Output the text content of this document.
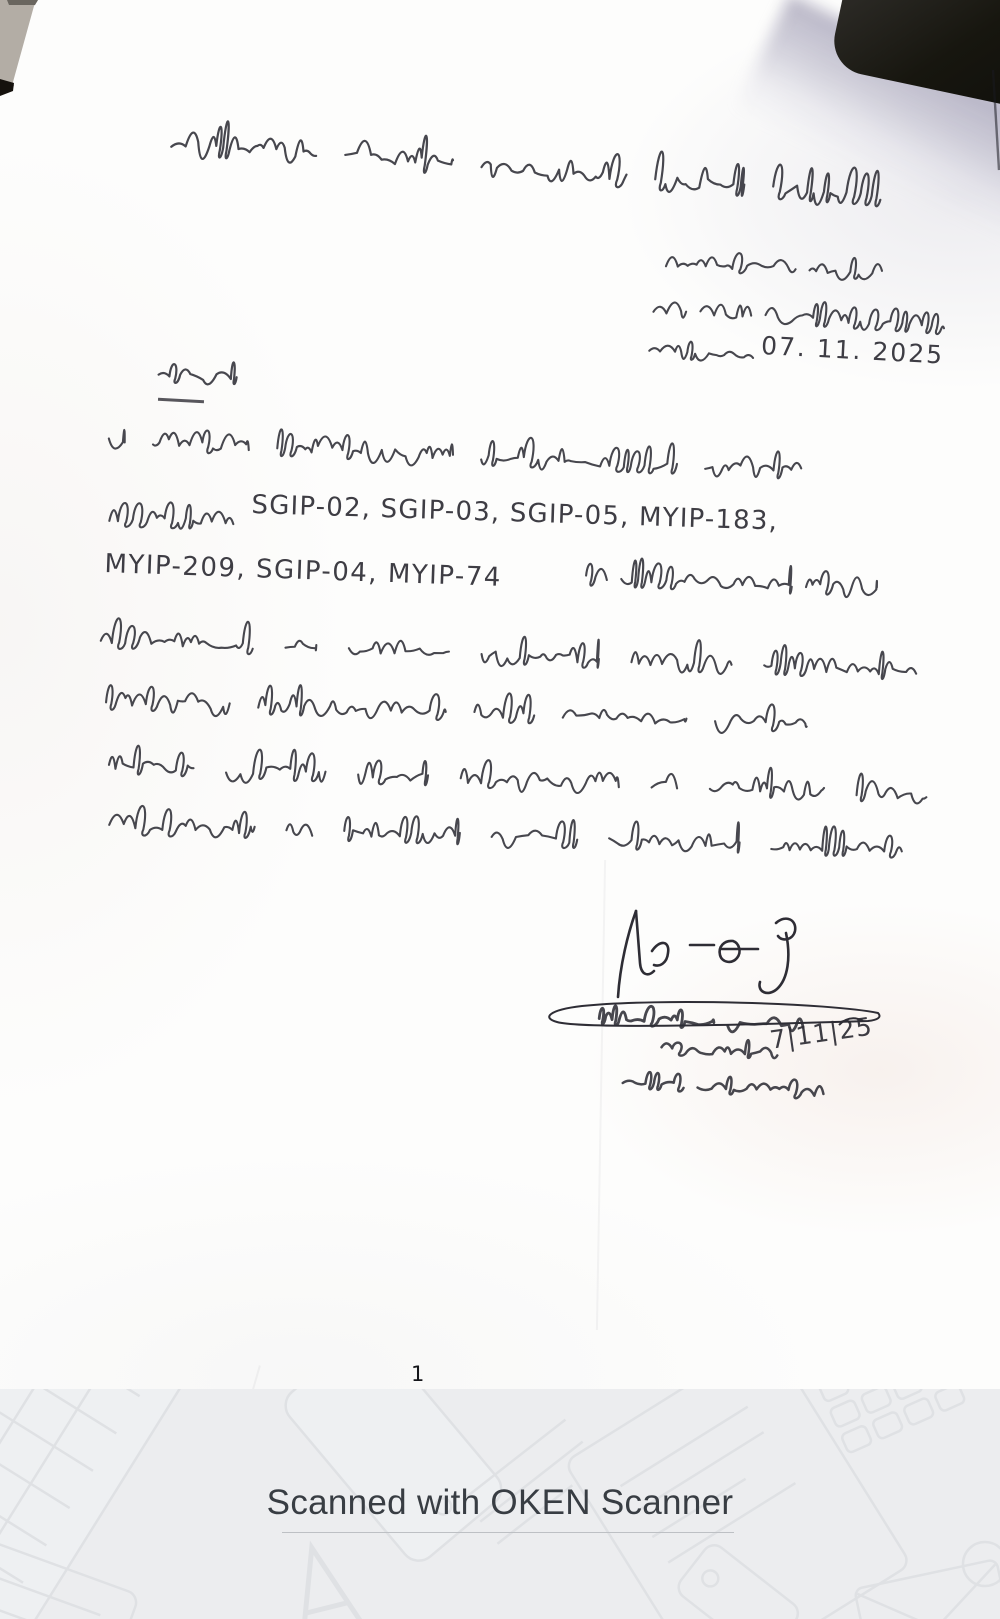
07. 11. 2025
SGIP-02, SGIP-03, SGIP-05, MYIP-183,
MYIP-209, SGIP-04, MYIP-74
7|11|25
1
Scanned with OKEN Scanner
